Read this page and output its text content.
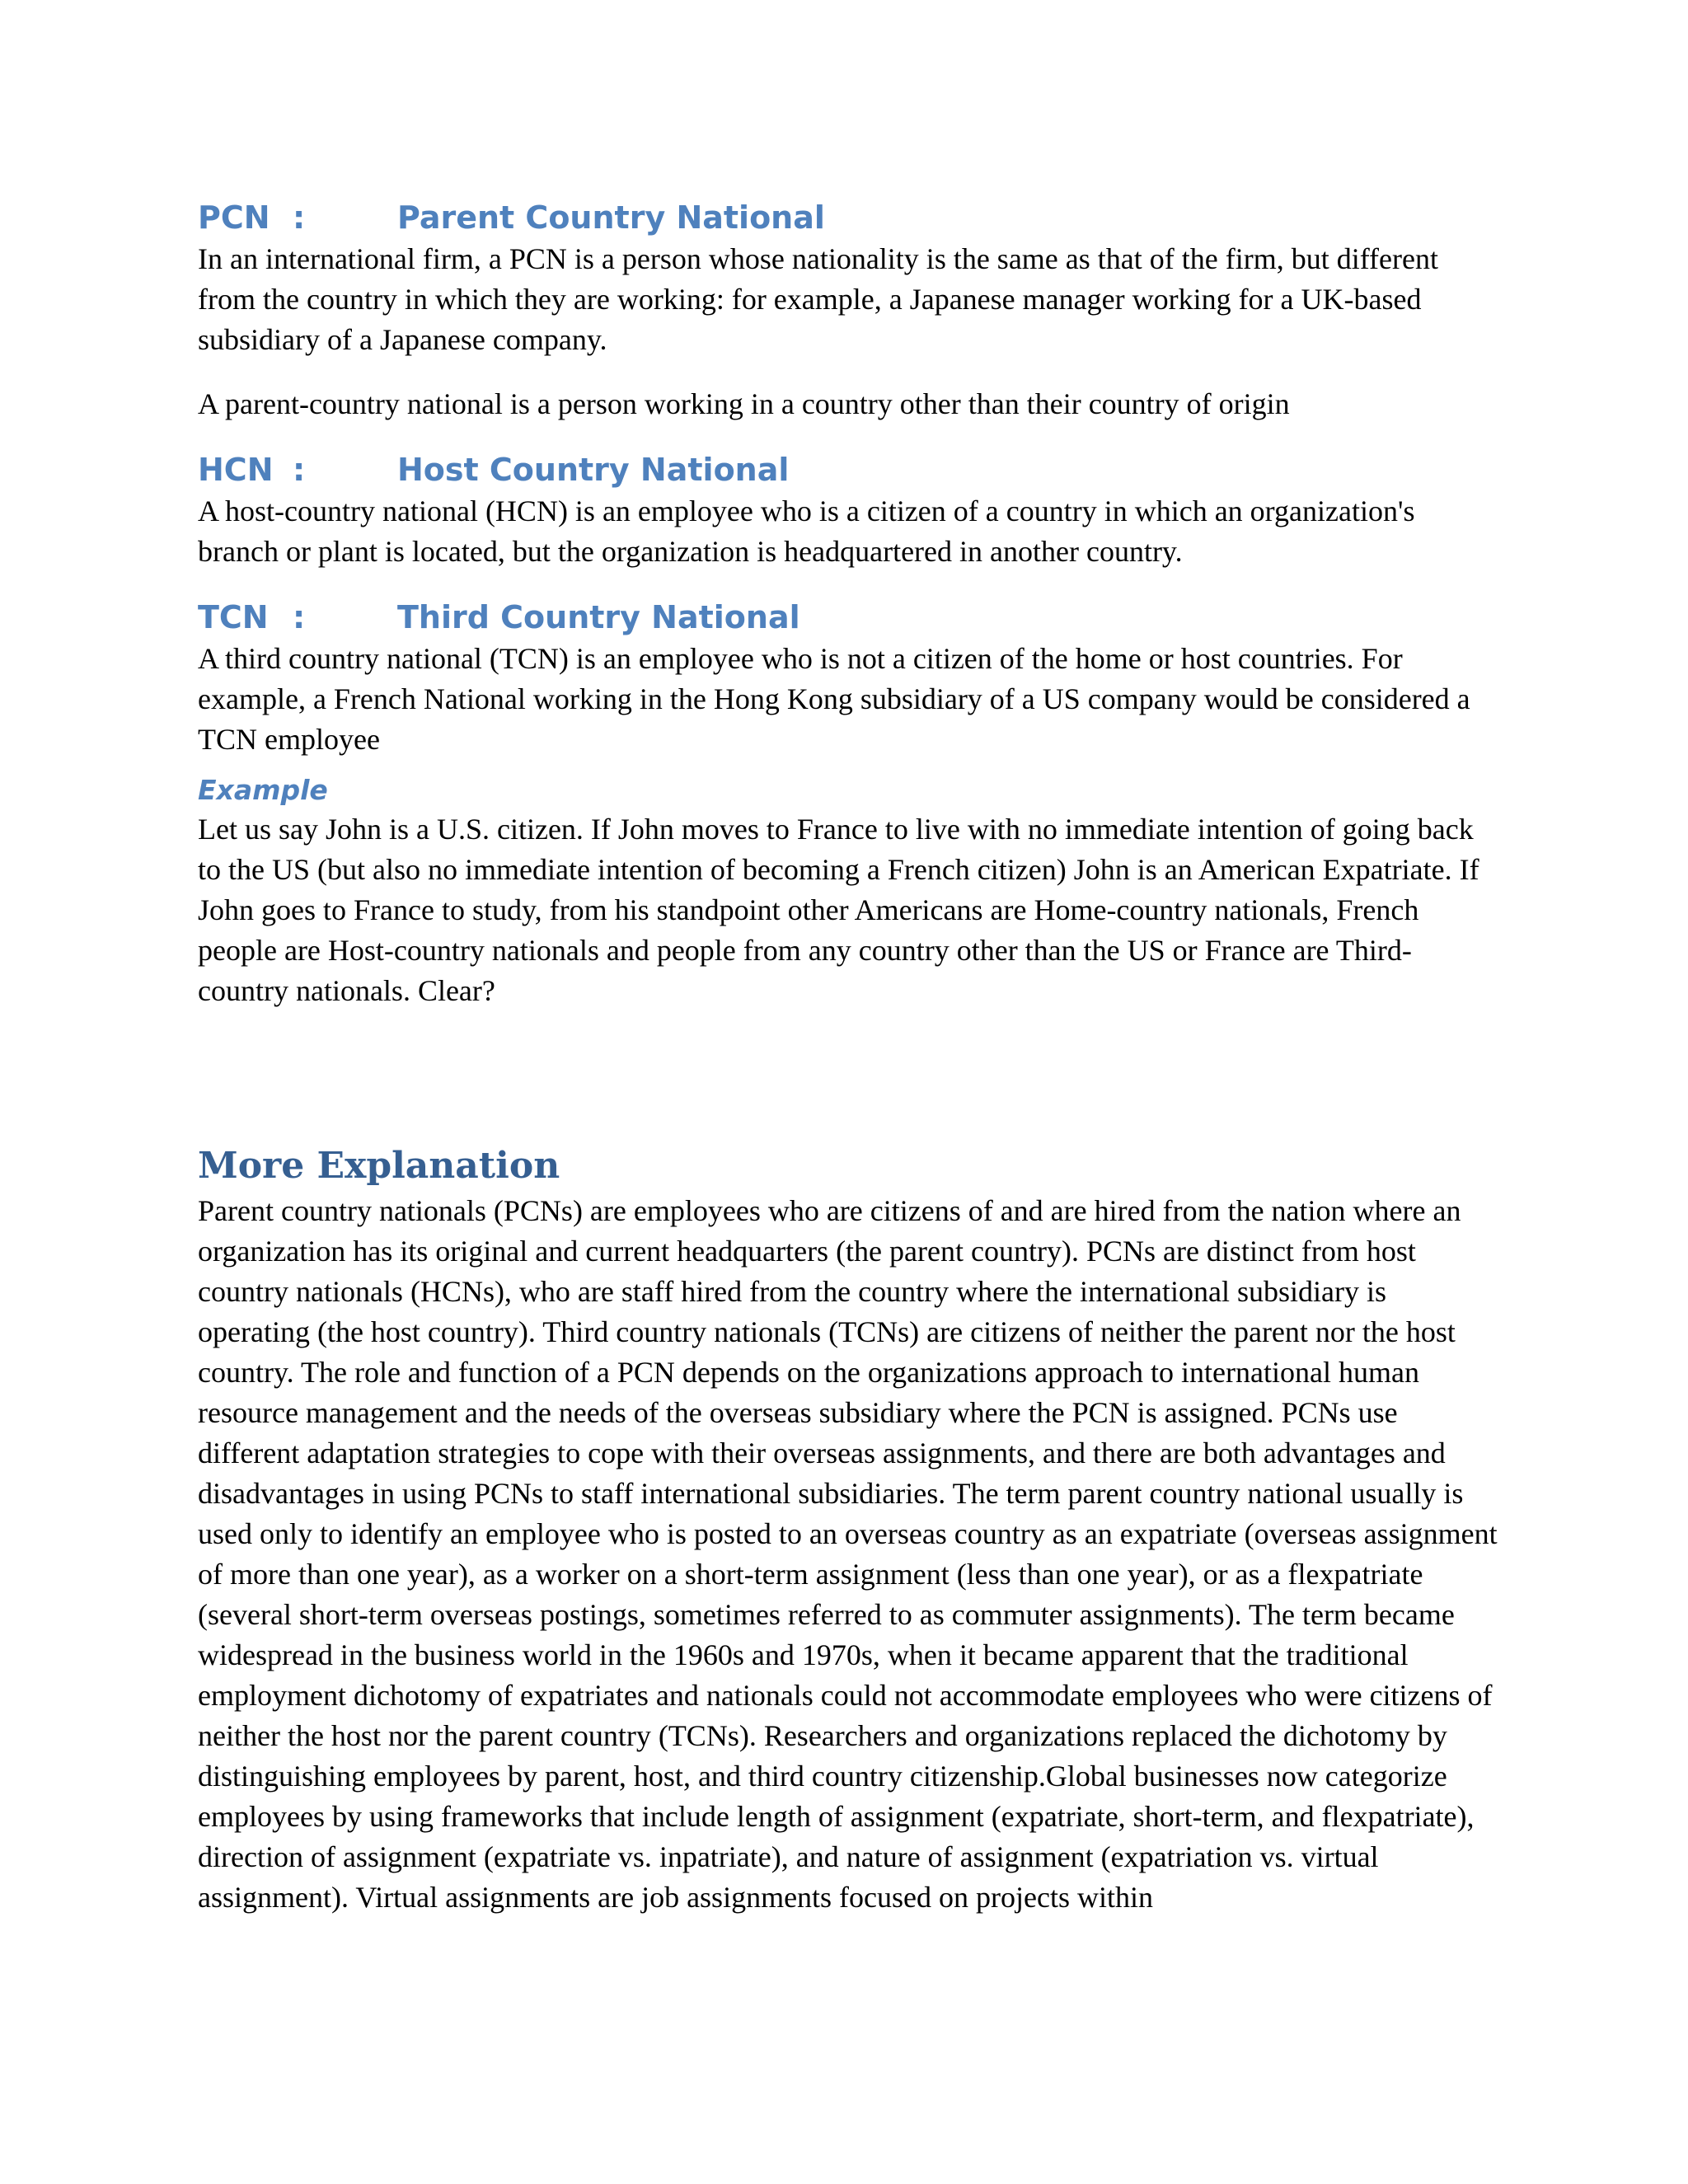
PCN :	Parent Country National

In an international firm, a PCN is a person whose nationality is the same as that of the firm, but different from the country in which they are working: for example, a Japanese manager working for a UK-based subsidiary of a Japanese company.

A parent-country national is a person working in a country other than their country of origin

HCN :	Host Country National

A host-country national (HCN) is an employee who is a citizen of a country in which an organization's branch or plant is located, but the organization is headquartered in another country.

TCN :	Third Country National

A third country national (TCN) is an employee who is not a citizen of the home or host countries. For example, a French National working in the Hong Kong subsidiary of a US company would be considered a TCN employee

Example

Let us say John is a U.S. citizen. If John moves to France to live with no immediate intention of going back to the US (but also no immediate intention of becoming a French citizen) John is an American Expatriate. If John goes to France to study, from his standpoint other Americans are Home-country nationals, French people are Host-country nationals and people from any country other than the US or France are Third-country nationals. Clear?

More Explanation

Parent country nationals (PCNs) are employees who are citizens of and are hired from the nation where an organization has its original and current headquarters (the parent country). PCNs are distinct from host country nationals (HCNs), who are staff hired from the country where the international subsidiary is operating (the host country). Third country nationals (TCNs) are citizens of neither the parent nor the host country. The role and function of a PCN depends on the organizations approach to international human resource management and the needs of the overseas subsidiary where the PCN is assigned. PCNs use different adaptation strategies to cope with their overseas assignments, and there are both advantages and disadvantages in using PCNs to staff international subsidiaries. The term parent country national usually is used only to identify an employee who is posted to an overseas country as an expatriate (overseas assignment of more than one year), as a worker on a short-term assignment (less than one year), or as a flexpatriate (several short-term overseas postings, sometimes referred to as commuter assignments). The term became widespread in the business world in the 1960s and 1970s, when it became apparent that the traditional employment dichotomy of expatriates and nationals could not accommodate employees who were citizens of neither the host nor the parent country (TCNs). Researchers and organizations replaced the dichotomy by distinguishing employees by parent, host, and third country citizenship.Global businesses now categorize employees by using frameworks that include length of assignment (expatriate, short-term, and flexpatriate), direction of assignment (expatriate vs. inpatriate), and nature of assignment (expatriation vs. virtual assignment). Virtual assignments are job assignments focused on projects within
